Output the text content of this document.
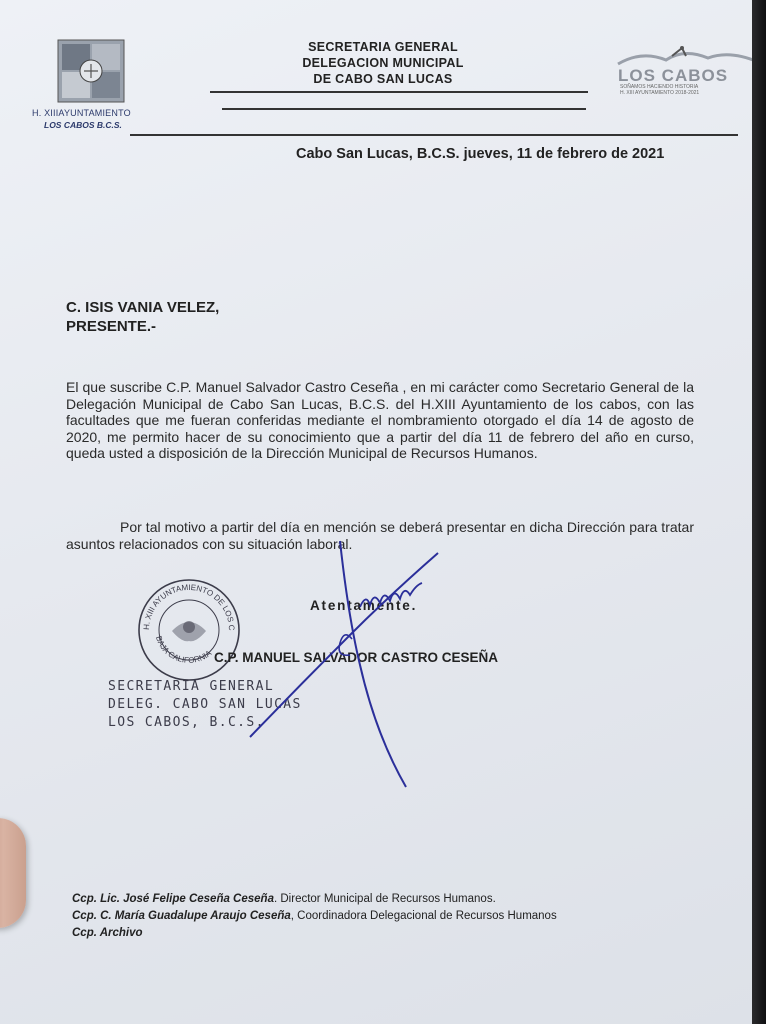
H. XIIIAYUNTAMIENTO
LOS CABOS B.C.S.
SECRETARIA GENERAL
DELEGACION MUNICIPAL
DE CABO SAN LUCAS	LOS CABOS
SOÑAMOS HACIENDO HISTORIA
H. XIII AYUNTAMIENTO 2018-2021
Cabo San Lucas, B.C.S. jueves, 11 de febrero de 2021
C. ISIS VANIA VELEZ,
PRESENTE.-
El que suscribe C.P. Manuel Salvador Castro Ceseña , en mi carácter como Secretario General de la Delegación Municipal de Cabo San Lucas, B.C.S. del H.XIII Ayuntamiento de los cabos, con las facultades que me fueran conferidas mediante el nombramiento otorgado el día 14 de agosto de 2020, me permito hacer de su conocimiento que a partir del día 11 de febrero del año en curso, queda usted a disposición de la Dirección Municipal de Recursos Humanos.
Por tal motivo a partir del día en mención se deberá presentar en dicha Dirección para tratar asuntos relacionados con su situación laboral.
H. XIII AYUNTAMIENTO DE LOS C
BAJA CALIFORNIA
SECRETARIA GENERAL
DELEG. CABO SAN LUCAS
LOS CABOS, B.C.S.
Atentamente.
C.P. MANUEL SALVADOR CASTRO CESEÑA
Ccp. Lic. José Felipe Ceseña Ceseña. Director Municipal de Recursos Humanos.
Ccp. C. María Guadalupe Araujo Ceseña, Coordinadora Delegacional de Recursos Humanos
Ccp. Archivo
